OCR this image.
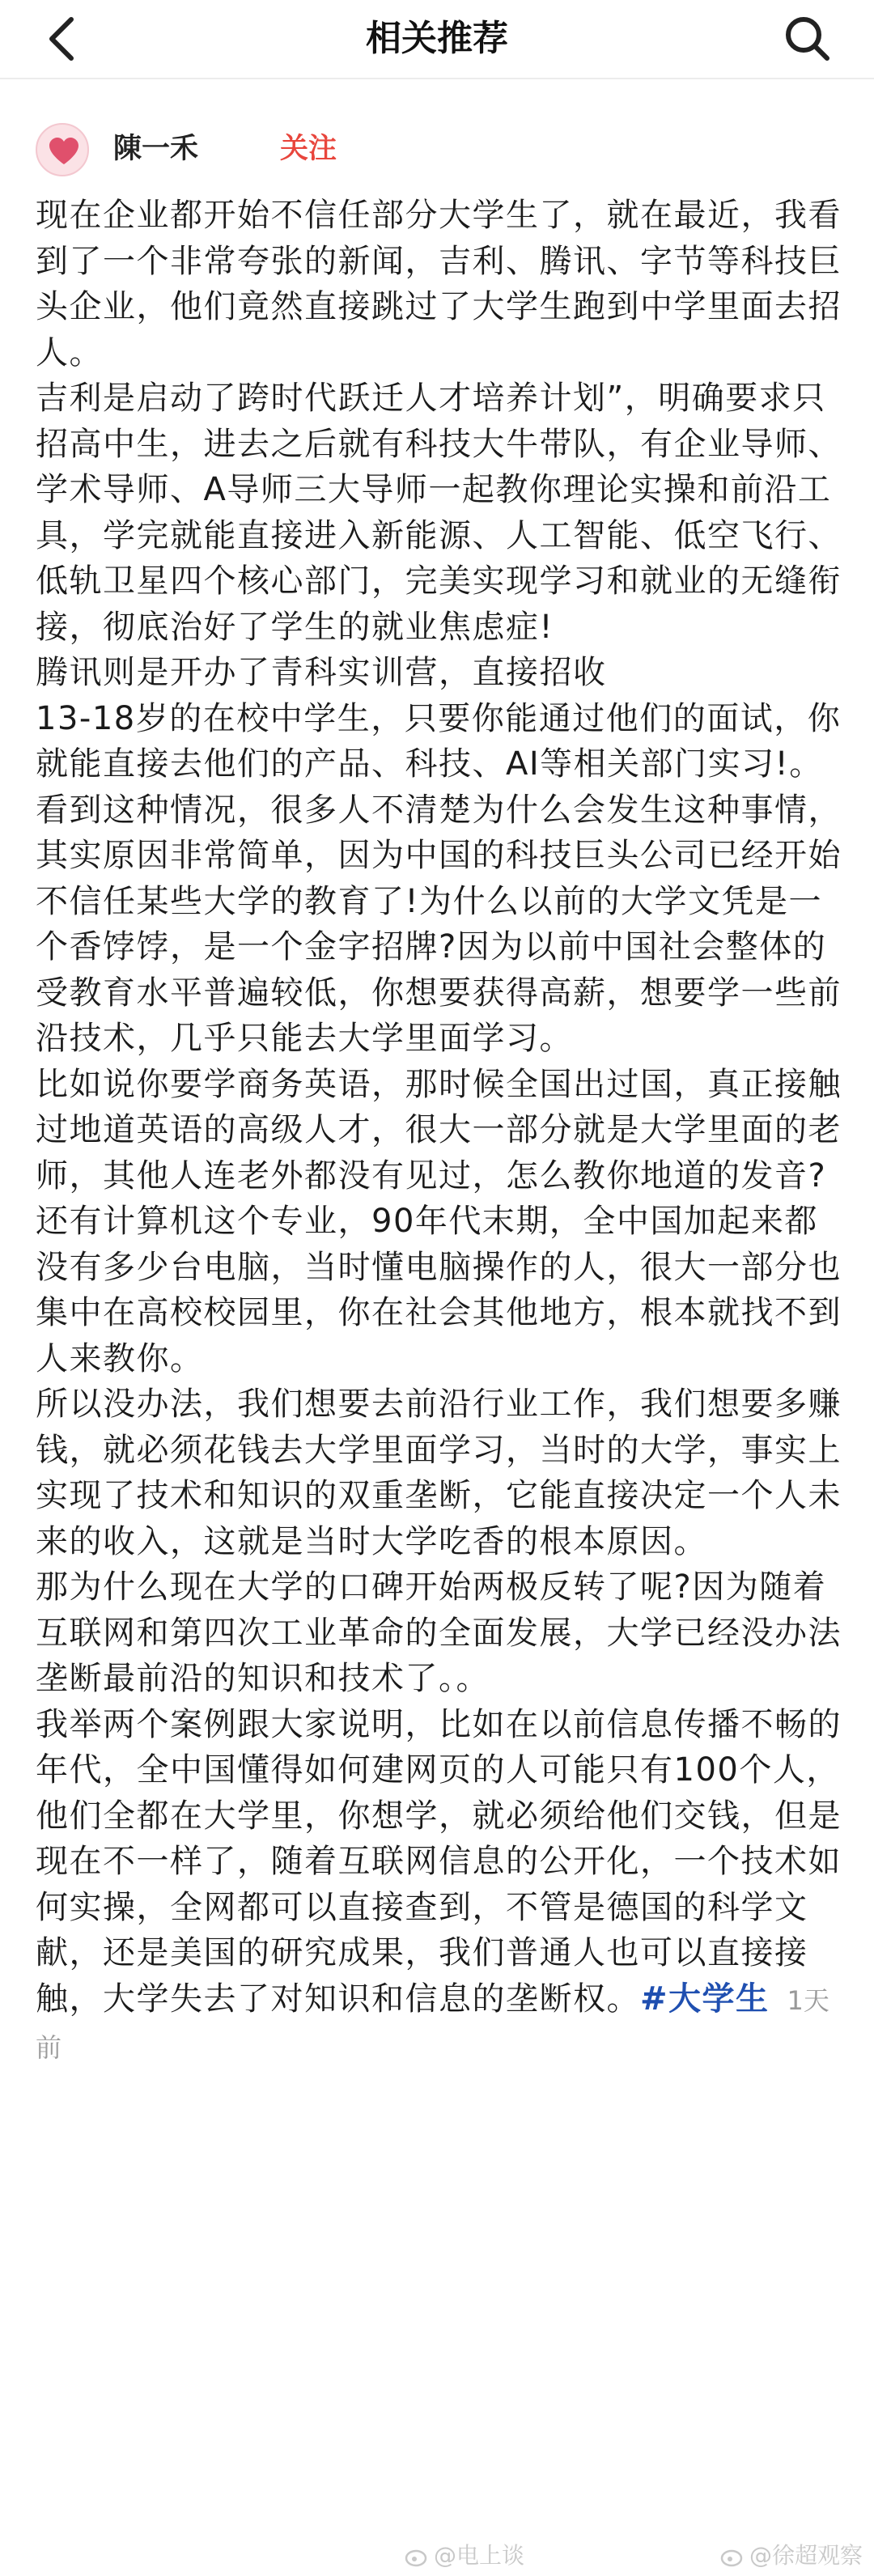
相关推荐
陳一禾	关注

现在企业都开始不信任部分大学生了，就在最近，我看到了一个非常夸张的新闻，吉利、腾讯、字节等科技巨头企业，他们竟然直接跳过了大学生跑到中学里面去招人。

吉利是启动了跨时代跃迁人才培养计划”，明确要求只招高中生，进去之后就有科技大牛带队，有企业导师、学术导师、A导师三大导师一起教你理论实操和前沿工具，学完就能直接进入新能源、人工智能、低空飞行、低轨卫星四个核心部门，完美实现学习和就业的无缝衔接，彻底治好了学生的就业焦虑症!

腾讯则是开办了青科实训营，直接招收

13-18岁的在校中学生，只要你能通过他们的面试，你就能直接去他们的产品、科技、AI等相关部门实习!。

看到这种情况，很多人不清楚为什么会发生这种事情，其实原因非常简单，因为中国的科技巨头公司已经开始不信任某些大学的教育了!为什么以前的大学文凭是一个香饽饽，是一个金字招牌?因为以前中国社会整体的受教育水平普遍较低，你想要获得高薪，想要学一些前沿技术，几乎只能去大学里面学习。

比如说你要学商务英语，那时候全国出过国，真正接触过地道英语的高级人才，很大一部分就是大学里面的老师，其他人连老外都没有见过，怎么教你地道的发音?还有计算机这个专业，90年代末期，全中国加起来都没有多少台电脑，当时懂电脑操作的人，很大一部分也集中在高校校园里，你在社会其他地方，根本就找不到人来教你。

所以没办法，我们想要去前沿行业工作，我们想要多赚钱，就必须花钱去大学里面学习，当时的大学，事实上实现了技术和知识的双重垄断，它能直接决定一个人未来的收入，这就是当时大学吃香的根本原因。

那为什么现在大学的口碑开始两极反转了呢?因为随着互联网和第四次工业革命的全面发展，大学已经没办法垄断最前沿的知识和技术了。。

我举两个案例跟大家说明，比如在以前信息传播不畅的年代，全中国懂得如何建网页的人可能只有100个人，他们全都在大学里，你想学，就必须给他们交钱，但是现在不一样了，随着互联网信息的公开化，一个技术如何实操，全网都可以直接查到，不管是德国的科学文献，还是美国的研究成果，我们普通人也可以直接接触，大学失去了对知识和信息的垄断权。#大学生 1天前

@电上谈	@徐超观察
